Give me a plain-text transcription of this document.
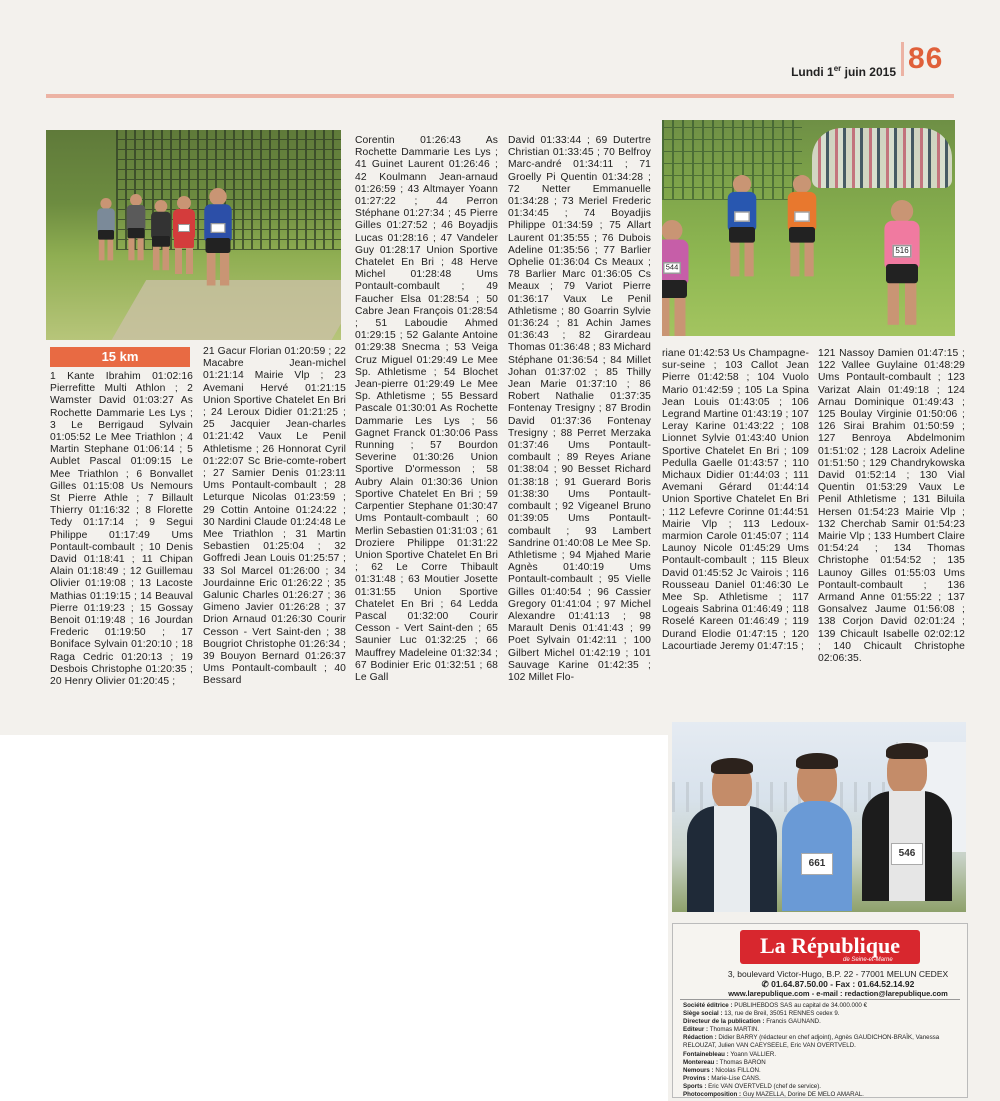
Lundi 1er juin 2015 86
544
516
661
546
15 km
1 Kante Ibrahim 01:02:16 Pierrefitte Multi Athlon ; 2 Wamster David 01:03:27 As Rochette Dammarie Les Lys ; 3 Le Berrigaud Sylvain 01:05:52 Le Mee Triathlon ; 4 Martin Stephane 01:06:14 ; 5 Aublet Pascal 01:09:15 Le Mee Triathlon ; 6 Bonvallet Gilles 01:15:08 Us Nemours St Pierre Athle ; 7 Billault Thierry 01:16:32 ; 8 Florette Tedy 01:17:14 ; 9 Segui Philippe 01:17:49 Ums Pontault-combault ; 10 Denis David 01:18:41 ; 11 Chipan Alain 01:18:49 ; 12 Guillemau Olivier 01:19:08 ; 13 Lacoste Mathias 01:19:15 ; 14 Beauval Pierre 01:19:23 ; 15 Gossay Benoit 01:19:48 ; 16 Jourdan Frederic 01:19:50 ; 17 Boniface Sylvain 01:20:10 ; 18 Raga Cedric 01:20:13 ; 19 Desbois Christophe 01:20:35 ; 20 Henry Olivier 01:20:45 ;
21 Gacur Florian 01:20:59 ; 22 Macabre Jean-michel 01:21:14 Mairie Vlp ; 23 Avemani Hervé 01:21:15 Union Sportive Chatelet En Bri ; 24 Leroux Didier 01:21:25 ; 25 Jacquier Jean-charles 01:21:42 Vaux Le Penil Athletisme ; 26 Honnorat Cyril 01:22:07 Sc Brie-comte-robert ; 27 Samier Denis 01:23:11 Ums Pontault-combault ; 28 Leturque Nicolas 01:23:59 ; 29 Cottin Antoine 01:24:22 ; 30 Nardini Claude 01:24:48 Le Mee Triathlon ; 31 Martin Sebastien 01:25:04 ; 32 Goffredi Jean Louis 01:25:57 ; 33 Sol Marcel 01:26:00 ; 34 Jourdainne Eric 01:26:22 ; 35 Galunic Charles 01:26:27 ; 36 Gimeno Javier 01:26:28 ; 37 Drion Arnaud 01:26:30 Courir Cesson - Vert Saint-den ; 38 Bougriot Christophe 01:26:34 ; 39 Bouyon Bernard 01:26:37 Ums Pontault-combault ; 40 Bessard
Corentin 01:26:43 As Rochette Dammarie Les Lys ; 41 Guinet Laurent 01:26:46 ; 42 Koulmann Jean-arnaud 01:26:59 ; 43 Altmayer Yoann 01:27:22 ; 44 Perron Stéphane 01:27:34 ; 45 Pierre Gilles 01:27:52 ; 46 Boyadjis Lucas 01:28:16 ; 47 Vandeler Guy 01:28:17 Union Sportive Chatelet En Bri ; 48 Herve Michel 01:28:48 Ums Pontault-combault ; 49 Faucher Elsa 01:28:54 ; 50 Cabre Jean François 01:28:54 ; 51 Laboudie Ahmed 01:29:15 ; 52 Galante Antoine 01:29:38 Snecma ; 53 Veiga Cruz Miguel 01:29:49 Le Mee Sp. Athletisme ; 54 Blochet Jean-pierre 01:29:49 Le Mee Sp. Athletisme ; 55 Bessard Pascale 01:30:01 As Rochette Dammarie Les Lys ; 56 Gagnet Franck 01:30:06 Pass Running ; 57 Bourdon Severine 01:30:26 Union Sportive D'ormesson ; 58 Aubry Alain 01:30:36 Union Sportive Chatelet En Bri ; 59 Carpentier Stephane 01:30:47 Ums Pontault-combault ; 60 Merlin Sebastien 01:31:03 ; 61 Droziere Philippe 01:31:22 Union Sportive Chatelet En Bri ; 62 Le Corre Thibault 01:31:48 ; 63 Moutier Josette 01:31:55 Union Sportive Chatelet En Bri ; 64 Ledda Pascal 01:32:00 Courir Cesson - Vert Saint-den ; 65 Saunier Luc 01:32:25 ; 66 Mauffrey Madeleine 01:32:34 ; 67 Bodinier Eric 01:32:51 ; 68 Le Gall
David 01:33:44 ; 69 Dutertre Christian 01:33:45 ; 70 Belfroy Marc-andré 01:34:11 ; 71 Groelly Pi Quentin 01:34:28 ; 72 Netter Emmanuelle 01:34:28 ; 73 Meriel Frederic 01:34:45 ; 74 Boyadjis Philippe 01:34:59 ; 75 Allart Laurent 01:35:55 ; 76 Dubois Adeline 01:35:56 ; 77 Barlier Ophelie 01:36:04 Cs Meaux ; 78 Barlier Marc 01:36:05 Cs Meaux ; 79 Variot Pierre 01:36:17 Vaux Le Penil Athletisme ; 80 Goarrin Sylvie 01:36:24 ; 81 Achin James 01:36:43 ; 82 Girardeau Thomas 01:36:48 ; 83 Michard Stéphane 01:36:54 ; 84 Millet Johan 01:37:02 ; 85 Thilly Jean Marie 01:37:10 ; 86 Robert Nathalie 01:37:35 Fontenay Tresigny ; 87 Brodin David 01:37:36 Fontenay Tresigny ; 88 Perret Merzaka 01:37:46 Ums Pontault-combault ; 89 Reyes Ariane 01:38:04 ; 90 Besset Richard 01:38:18 ; 91 Guerard Boris 01:38:30 Ums Pontault-combault ; 92 Vigeanel Bruno 01:39:05 Ums Pontault-combault ; 93 Lambert Sandrine 01:40:08 Le Mee Sp. Athletisme ; 94 Mjahed Marie Agnès 01:40:19 Ums Pontault-combault ; 95 Vielle Gilles 01:40:54 ; 96 Cassier Gregory 01:41:04 ; 97 Michel Alexandre 01:41:13 ; 98 Marault Denis 01:41:43 ; 99 Poet Sylvain 01:42:11 ; 100 Gilbert Michel 01:42:19 ; 101 Sauvage Karine 01:42:35 ; 102 Millet Flo-
riane 01:42:53 Us Champagne-sur-seine ; 103 Callot Jean Pierre 01:42:58 ; 104 Vuolo Mario 01:42:59 ; 105 La Spina Jean Louis 01:43:05 ; 106 Legrand Martine 01:43:19 ; 107 Leray Karine 01:43:22 ; 108 Lionnet Sylvie 01:43:40 Union Sportive Chatelet En Bri ; 109 Pedulla Gaelle 01:43:57 ; 110 Michaux Didier 01:44:03 ; 111 Avemani Gérard 01:44:14 Union Sportive Chatelet En Bri ; 112 Lefevre Corinne 01:44:51 Mairie Vlp ; 113 Ledoux-marmion Carole 01:45:07 ; 114 Launoy Nicole 01:45:29 Ums Pontault-combault ; 115 Bleux David 01:45:52 Jc Vairois ; 116 Rousseau Daniel 01:46:30 Le Mee Sp. Athletisme ; 117 Logeais Sabrina 01:46:49 ; 118 Roselé Kareen 01:46:49 ; 119 Durand Elodie 01:47:15 ; 120 Lacourtiade Jeremy 01:47:15 ;
121 Nassoy Damien 01:47:15 ; 122 Vallee Guylaine 01:48:29 Ums Pontault-combault ; 123 Varizat Alain 01:49:18 ; 124 Arnau Dominique 01:49:43 ; 125 Boulay Virginie 01:50:06 ; 126 Sirai Brahim 01:50:59 ; 127 Benroya Abdelmonim 01:51:02 ; 128 Lacroix Adeline 01:51:50 ; 129 Chandrykowska David 01:52:14 ; 130 Vial Quentin 01:53:29 Vaux Le Penil Athletisme ; 131 Biluila Hersen 01:54:23 Mairie Vlp ; 132 Cherchab Samir 01:54:23 Mairie Vlp ; 133 Humbert Claire 01:54:24 ; 134 Thomas Christophe 01:54:52 ; 135 Launoy Gilles 01:55:03 Ums Pontault-combault ; 136 Armand Anne 01:55:22 ; 137 Gonsalvez Jaume 01:56:08 ; 138 Corjon David 02:01:24 ; 139 Chicault Isabelle 02:02:12 ; 140 Chicault Christophe 02:06:35.
La République
de Seine-et-Marne
3, boulevard Victor-Hugo, B.P. 22 - 77001 MELUN CEDEX
✆ 01.64.87.50.00 - Fax : 01.64.52.14.92
www.larepublique.com - e-mail : redaction@larepublique.com
Société éditrice : PUBLIHEBDOS SAS au capital de 34.000.000 €
Siège social : 13, rue de Breil, 35051 RENNES cedex 9.
Directeur de la publication : Francis GAUNAND.
Editeur : Thomas MARTIN.
Rédaction : Didier BARRY (rédacteur en chef adjoint), Agnès GAUDICHON-BRAÏK, Vanessa RELOUZAT, Julien VAN CAEYSEELE, Eric VAN OVERTVELD.
Fontainebleau : Yoann VALLIER.
Montereau : Thomas BARON
Nemours : Nicolas FILLON.
Provins : Marie-Lise CANS.
Sports : Eric VAN OVERTVELD (chef de service).
Photocomposition : Guy MAZELLA, Dorine DE MELO AMARAL.
